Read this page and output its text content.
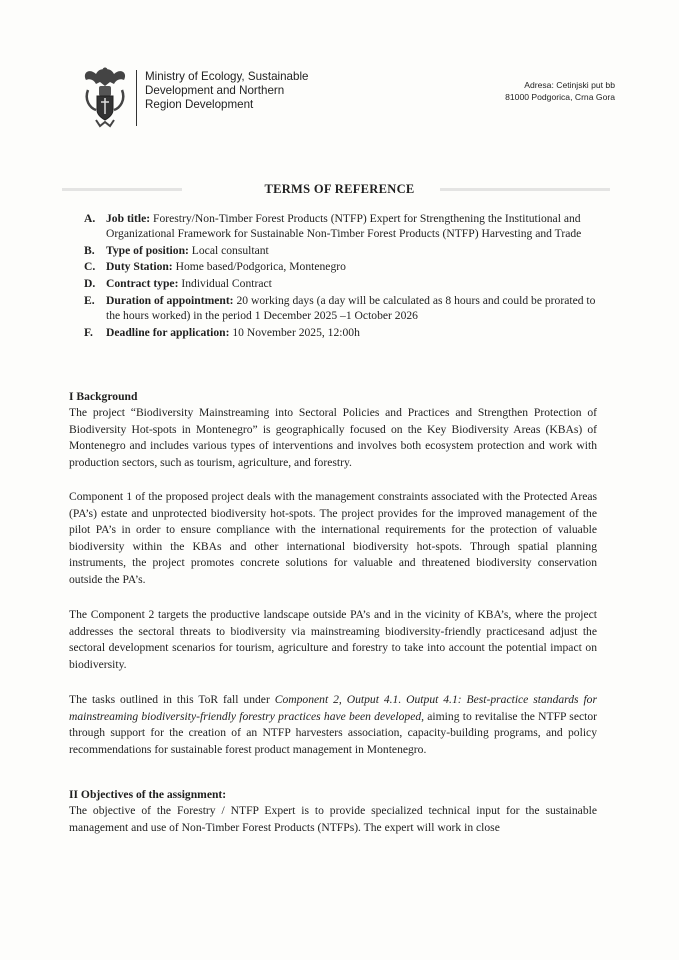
Ministry of Ecology, Sustainable
Development and Northern
Region Development
Adresa: Cetinjski put bb
81000 Podgorica, Crna Gora
TERMS OF REFERENCE
A. Job title: Forestry/Non-Timber Forest Products (NTFP) Expert for Strengthening the Institutional and Organizational Framework for Sustainable Non-Timber Forest Products (NTFP) Harvesting and Trade
B. Type of position: Local consultant
C. Duty Station: Home based/Podgorica, Montenegro
D. Contract type: Individual Contract
E. Duration of appointment: 20 working days (a day will be calculated as 8 hours and could be prorated to the hours worked) in the period 1 December 2025 –1 October 2026
F. Deadline for application: 10 November 2025, 12:00h
I Background
The project “Biodiversity Mainstreaming into Sectoral Policies and Practices and Strengthen Protection of Biodiversity Hot-spots in Montenegro” is geographically focused on the Key Biodiversity Areas (KBAs) of Montenegro and includes various types of interventions and involves both ecosystem protection and work with production sectors, such as tourism, agriculture, and forestry.
Component 1 of the proposed project deals with the management constraints associated with the Protected Areas (PA’s) estate and unprotected biodiversity hot-spots. The project provides for the improved management of the pilot PA’s in order to ensure compliance with the international requirements for the protection of valuable biodiversity within the KBAs and other international biodiversity hot-spots. Through spatial planning instruments, the project promotes concrete solutions for valuable and threatened biodiversity conservation outside the PA’s.
The Component 2 targets the productive landscape outside PA’s and in the vicinity of KBA’s, where the project addresses the sectoral threats to biodiversity via mainstreaming biodiversity-friendly practicesand adjust the sectoral development scenarios for tourism, agriculture and forestry to take into account the potential impact on biodiversity.
The tasks outlined in this ToR fall under Component 2, Output 4.1. Output 4.1: Best-practice standards for mainstreaming biodiversity-friendly forestry practices have been developed, aiming to revitalise the NTFP sector through support for the creation of an NTFP harvesters association, capacity-building programs, and policy recommendations for sustainable forest product management in Montenegro.
II Objectives of the assignment:
The objective of the Forestry / NTFP Expert is to provide specialized technical input for the sustainable management and use of Non-Timber Forest Products (NTFPs). The expert will work in close
